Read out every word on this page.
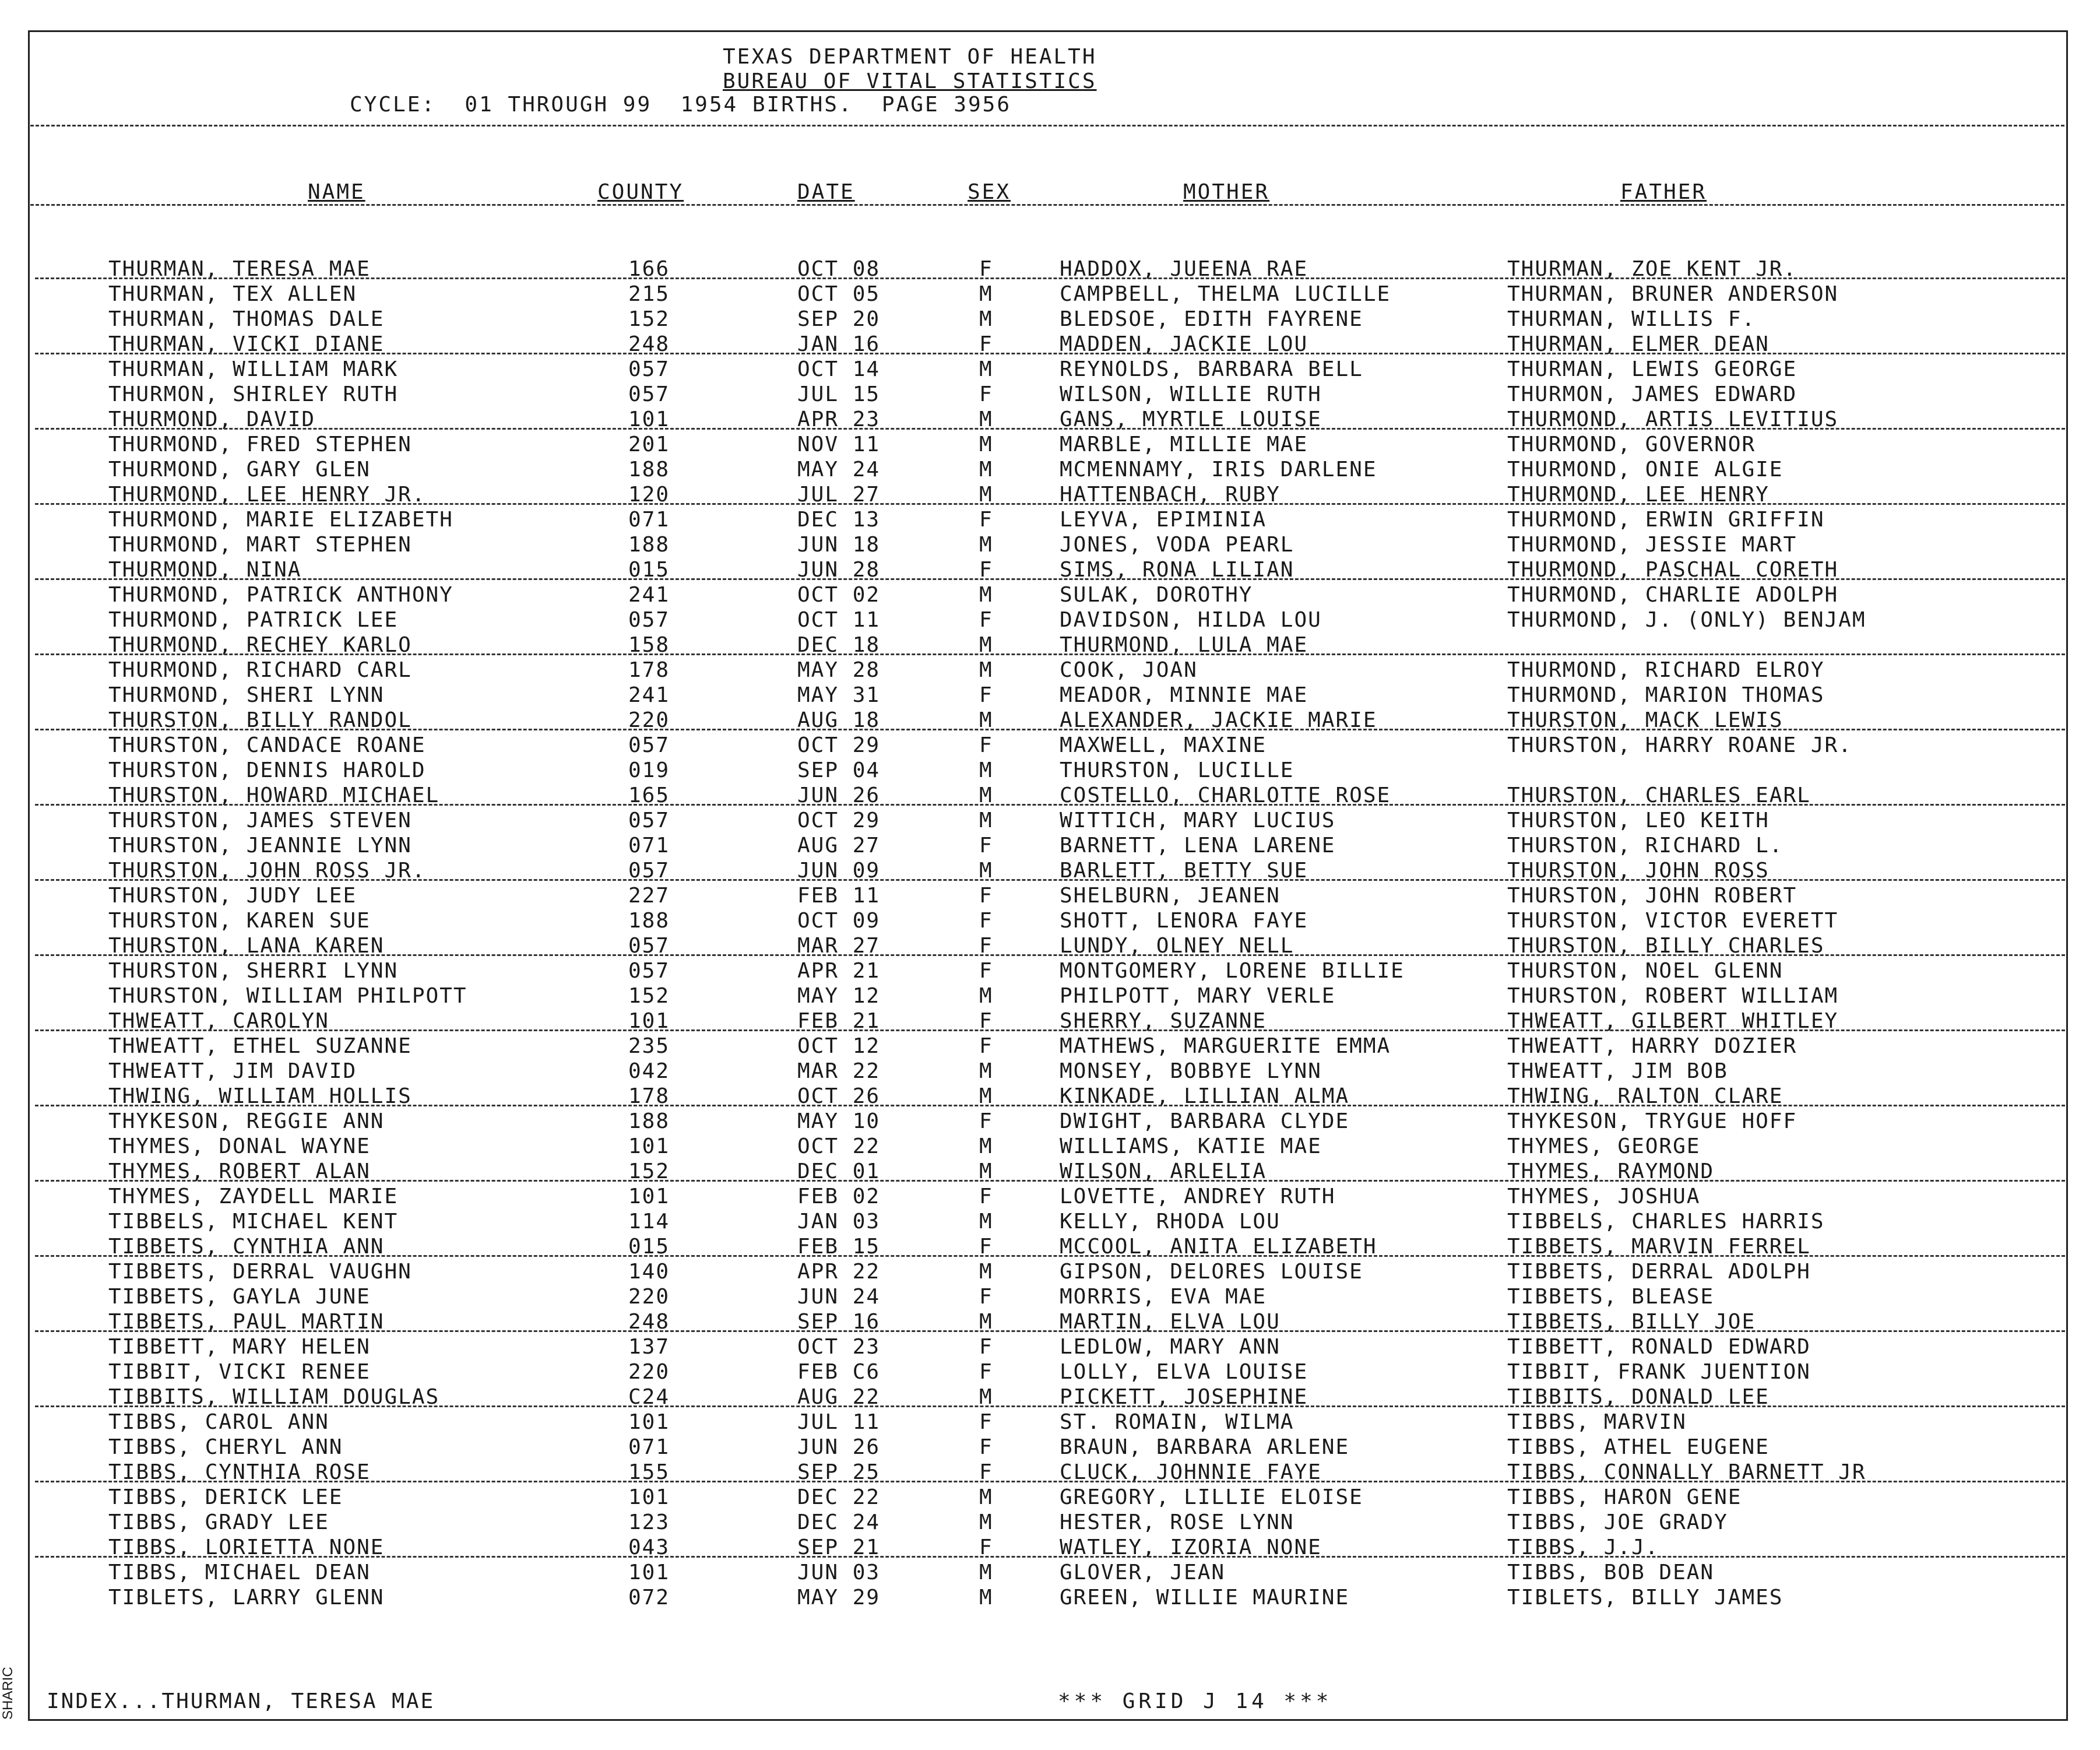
TEXAS DEPARTMENT OF HEALTH
BUREAU OF VITAL STATISTICS
CYCLE:  01 THROUGH 99  1954 BIRTHS.  PAGE 3956
NAME	COUNTY	DATE	SEX	MOTHER	FATHER
THURMAN, TERESA MAE	166	OCT 08	F	HADDOX, JUEENA RAE	THURMAN, ZOE KENT JR.
THURMAN, TEX ALLEN	215	OCT 05	M	CAMPBELL, THELMA LUCILLE	THURMAN, BRUNER ANDERSON
THURMAN, THOMAS DALE	152	SEP 20	M	BLEDSOE, EDITH FAYRENE	THURMAN, WILLIS F.
THURMAN, VICKI DIANE	248	JAN 16	F	MADDEN, JACKIE LOU	THURMAN, ELMER DEAN
THURMAN, WILLIAM MARK	057	OCT 14	M	REYNOLDS, BARBARA BELL	THURMAN, LEWIS GEORGE
THURMON, SHIRLEY RUTH	057	JUL 15	F	WILSON, WILLIE RUTH	THURMON, JAMES EDWARD
THURMOND, DAVID	101	APR 23	M	GANS, MYRTLE LOUISE	THURMOND, ARTIS LEVITIUS
THURMOND, FRED STEPHEN	201	NOV 11	M	MARBLE, MILLIE MAE	THURMOND, GOVERNOR
THURMOND, GARY GLEN	188	MAY 24	M	MCMENNAMY, IRIS DARLENE	THURMOND, ONIE ALGIE
THURMOND, LEE HENRY JR.	120	JUL 27	M	HATTENBACH, RUBY	THURMOND, LEE HENRY
THURMOND, MARIE ELIZABETH	071	DEC 13	F	LEYVA, EPIMINIA	THURMOND, ERWIN GRIFFIN
THURMOND, MART STEPHEN	188	JUN 18	M	JONES, VODA PEARL	THURMOND, JESSIE MART
THURMOND, NINA	015	JUN 28	F	SIMS, RONA LILIAN	THURMOND, PASCHAL CORETH
THURMOND, PATRICK ANTHONY	241	OCT 02	M	SULAK, DOROTHY	THURMOND, CHARLIE ADOLPH
THURMOND, PATRICK LEE	057	OCT 11	F	DAVIDSON, HILDA LOU	THURMOND, J. (ONLY) BENJAM
THURMOND, RECHEY KARLO	158	DEC 18	M	THURMOND, LULA MAE
THURMOND, RICHARD CARL	178	MAY 28	M	COOK, JOAN	THURMOND, RICHARD ELROY
THURMOND, SHERI LYNN	241	MAY 31	F	MEADOR, MINNIE MAE	THURMOND, MARION THOMAS
THURSTON, BILLY RANDOL	220	AUG 18	M	ALEXANDER, JACKIE MARIE	THURSTON, MACK LEWIS
THURSTON, CANDACE ROANE	057	OCT 29	F	MAXWELL, MAXINE	THURSTON, HARRY ROANE JR.
THURSTON, DENNIS HAROLD	019	SEP 04	M	THURSTON, LUCILLE
THURSTON, HOWARD MICHAEL	165	JUN 26	M	COSTELLO, CHARLOTTE ROSE	THURSTON, CHARLES EARL
THURSTON, JAMES STEVEN	057	OCT 29	M	WITTICH, MARY LUCIUS	THURSTON, LEO KEITH
THURSTON, JEANNIE LYNN	071	AUG 27	F	BARNETT, LENA LARENE	THURSTON, RICHARD L.
THURSTON, JOHN ROSS JR.	057	JUN 09	M	BARLETT, BETTY SUE	THURSTON, JOHN ROSS
THURSTON, JUDY LEE	227	FEB 11	F	SHELBURN, JEANEN	THURSTON, JOHN ROBERT
THURSTON, KAREN SUE	188	OCT 09	F	SHOTT, LENORA FAYE	THURSTON, VICTOR EVERETT
THURSTON, LANA KAREN	057	MAR 27	F	LUNDY, OLNEY NELL	THURSTON, BILLY CHARLES
THURSTON, SHERRI LYNN	057	APR 21	F	MONTGOMERY, LORENE BILLIE	THURSTON, NOEL GLENN
THURSTON, WILLIAM PHILPOTT	152	MAY 12	M	PHILPOTT, MARY VERLE	THURSTON, ROBERT WILLIAM
THWEATT, CAROLYN	101	FEB 21	F	SHERRY, SUZANNE	THWEATT, GILBERT WHITLEY
THWEATT, ETHEL SUZANNE	235	OCT 12	F	MATHEWS, MARGUERITE EMMA	THWEATT, HARRY DOZIER
THWEATT, JIM DAVID	042	MAR 22	M	MONSEY, BOBBYE LYNN	THWEATT, JIM BOB
THWING, WILLIAM HOLLIS	178	OCT 26	M	KINKADE, LILLIAN ALMA	THWING, RALTON CLARE
THYKESON, REGGIE ANN	188	MAY 10	F	DWIGHT, BARBARA CLYDE	THYKESON, TRYGUE HOFF
THYMES, DONAL WAYNE	101	OCT 22	M	WILLIAMS, KATIE MAE	THYMES, GEORGE
THYMES, ROBERT ALAN	152	DEC 01	M	WILSON, ARLELIA	THYMES, RAYMOND
THYMES, ZAYDELL MARIE	101	FEB 02	F	LOVETTE, ANDREY RUTH	THYMES, JOSHUA
TIBBELS, MICHAEL KENT	114	JAN 03	M	KELLY, RHODA LOU	TIBBELS, CHARLES HARRIS
TIBBETS, CYNTHIA ANN	015	FEB 15	F	MCCOOL, ANITA ELIZABETH	TIBBETS, MARVIN FERREL
TIBBETS, DERRAL VAUGHN	140	APR 22	M	GIPSON, DELORES LOUISE	TIBBETS, DERRAL ADOLPH
TIBBETS, GAYLA JUNE	220	JUN 24	F	MORRIS, EVA MAE	TIBBETS, BLEASE
TIBBETS, PAUL MARTIN	248	SEP 16	M	MARTIN, ELVA LOU	TIBBETS, BILLY JOE
TIBBETT, MARY HELEN	137	OCT 23	F	LEDLOW, MARY ANN	TIBBETT, RONALD EDWARD
TIBBIT, VICKI RENEE	220	FEB C6	F	LOLLY, ELVA LOUISE	TIBBIT, FRANK JUENTION
TIBBITS, WILLIAM DOUGLAS	C24	AUG 22	M	PICKETT, JOSEPHINE	TIBBITS, DONALD LEE
TIBBS, CAROL ANN	101	JUL 11	F	ST. ROMAIN, WILMA	TIBBS, MARVIN
TIBBS, CHERYL ANN	071	JUN 26	F	BRAUN, BARBARA ARLENE	TIBBS, ATHEL EUGENE
TIBBS, CYNTHIA ROSE	155	SEP 25	F	CLUCK, JOHNNIE FAYE	TIBBS, CONNALLY BARNETT JR
TIBBS, DERICK LEE	101	DEC 22	M	GREGORY, LILLIE ELOISE	TIBBS, HARON GENE
TIBBS, GRADY LEE	123	DEC 24	M	HESTER, ROSE LYNN	TIBBS, JOE GRADY
TIBBS, LORIETTA NONE	043	SEP 21	F	WATLEY, IZORIA NONE	TIBBS, J.J.
TIBBS, MICHAEL DEAN	101	JUN 03	M	GLOVER, JEAN	TIBBS, BOB DEAN
TIBLETS, LARRY GLENN	072	MAY 29	M	GREEN, WILLIE MAURINE	TIBLETS, BILLY JAMES
INDEX...THURMAN, TERESA MAE	*** GRID J 14 ***
SHARIC
